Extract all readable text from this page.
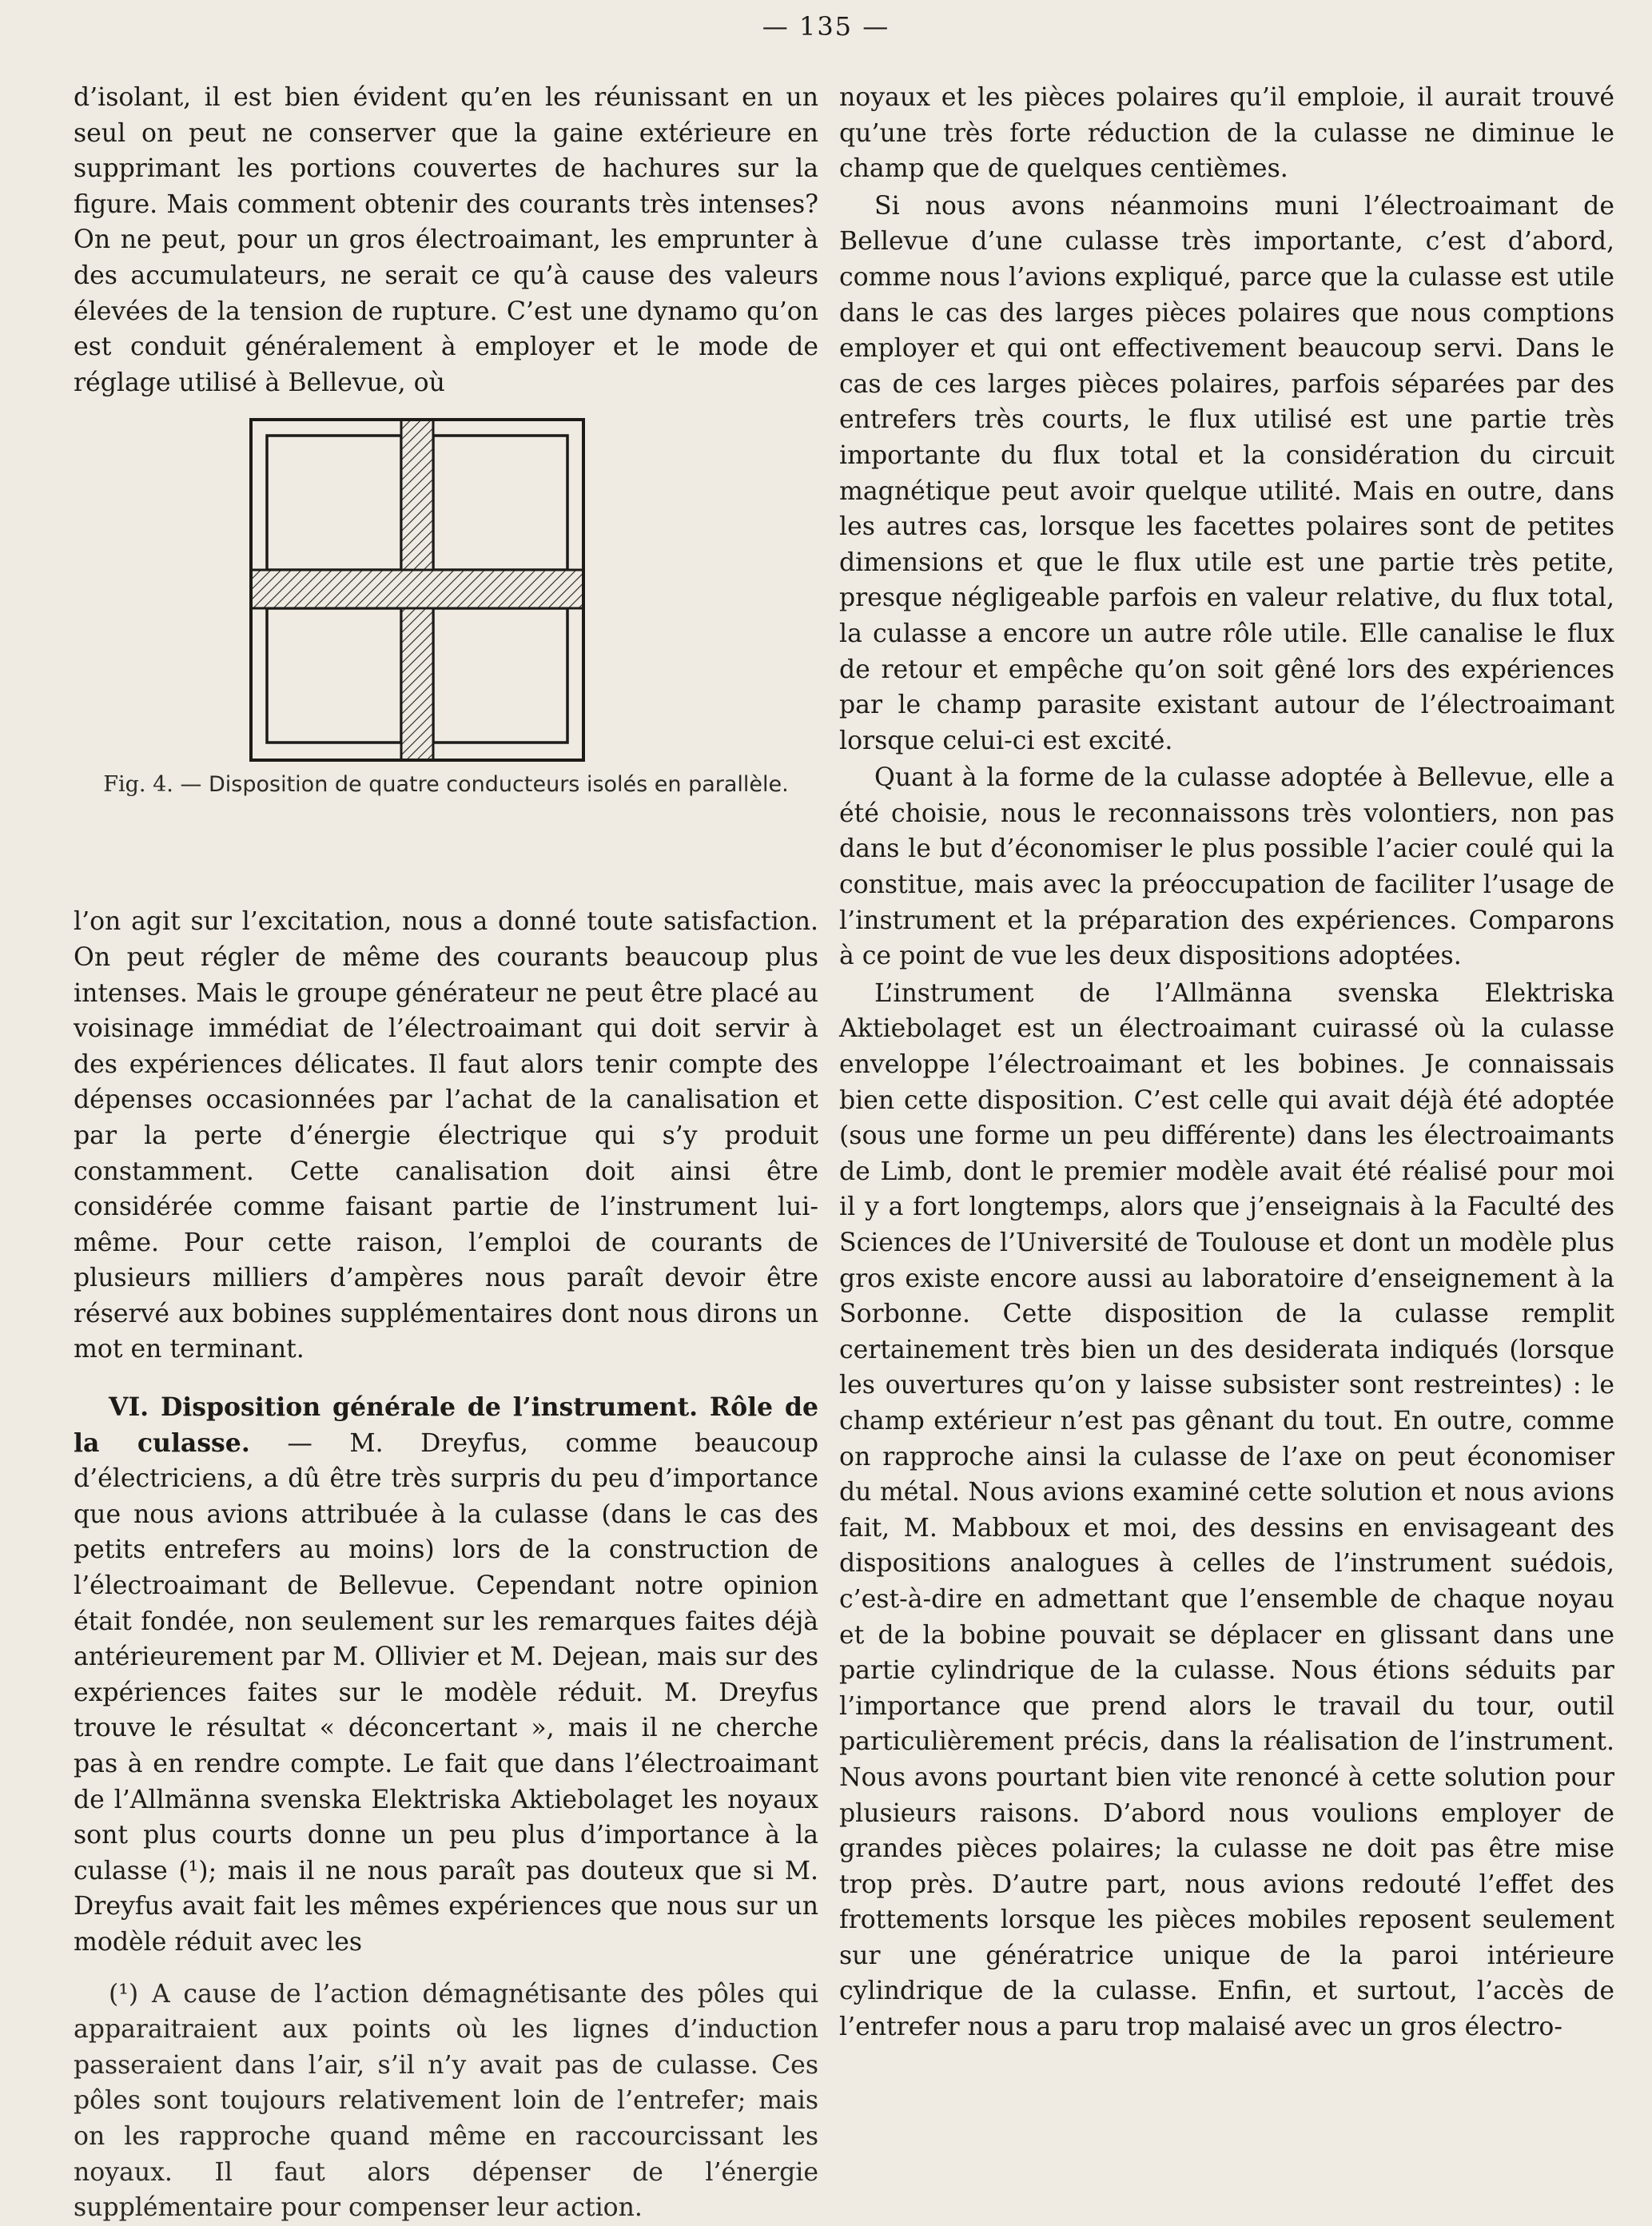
— 135 —

d’isolant, il est bien évident qu’en les réunissant en un seul on peut ne conserver que la gaine extérieure en supprimant les portions couvertes de hachures sur la figure. Mais comment obtenir des courants très intenses? On ne peut, pour un gros électroaimant, les emprunter à des accumulateurs, ne serait ce qu’à cause des valeurs élevées de la tension de rupture. C’est une dynamo qu’on est conduit généralement à employer et le mode de réglage utilisé à Bellevue, où

Fig. 4. — Disposition de quatre conducteurs isolés en parallèle.

l’on agit sur l’excitation, nous a donné toute satisfaction. On peut régler de même des courants beaucoup plus intenses. Mais le groupe générateur ne peut être placé au voisinage immédiat de l’électroaimant qui doit servir à des expériences délicates. Il faut alors tenir compte des dépenses occasionnées par l’achat de la canalisation et par la perte d’énergie électrique qui s’y produit constamment. Cette canalisation doit ainsi être considérée comme faisant partie de l’instrument lui-même. Pour cette raison, l’emploi de courants de plusieurs milliers d’ampères nous paraît devoir être réservé aux bobines supplémentaires dont nous dirons un mot en terminant.

VI. Disposition générale de l’instrument. Rôle de la culasse. — M. Dreyfus, comme beaucoup d’électriciens, a dû être très surpris du peu d’importance que nous avions attribuée à la culasse (dans le cas des petits entrefers au moins) lors de la construction de l’électroaimant de Bellevue. Cependant notre opinion était fondée, non seulement sur les remarques faites déjà antérieurement par M. Ollivier et M. Dejean, mais sur des expériences faites sur le modèle réduit. M. Dreyfus trouve le résultat « déconcertant », mais il ne cherche pas à en rendre compte. Le fait que dans l’électroaimant de l’Allmänna svenska Elektriska Aktiebolaget les noyaux sont plus courts donne un peu plus d’importance à la culasse (¹); mais il ne nous paraît pas douteux que si M. Dreyfus avait fait les mêmes expériences que nous sur un modèle réduit avec les

(¹) A cause de l’action démagnétisante des pôles qui apparaitraient aux points où les lignes d’induction passeraient dans l’air, s’il n’y avait pas de culasse. Ces pôles sont toujours relativement loin de l’entrefer; mais on les rapproche quand même en raccourcissant les noyaux. Il faut alors dépenser de l’énergie supplémentaire pour compenser leur action.

noyaux et les pièces polaires qu’il emploie, il aurait trouvé qu’une très forte réduction de la culasse ne diminue le champ que de quelques centièmes.

Si nous avons néanmoins muni l’électroaimant de Bellevue d’une culasse très importante, c’est d’abord, comme nous l’avions expliqué, parce que la culasse est utile dans le cas des larges pièces polaires que nous comptions employer et qui ont effectivement beaucoup servi. Dans le cas de ces larges pièces polaires, parfois séparées par des entrefers très courts, le flux utilisé est une partie très importante du flux total et la considération du circuit magnétique peut avoir quelque utilité. Mais en outre, dans les autres cas, lorsque les facettes polaires sont de petites dimensions et que le flux utile est une partie très petite, presque négligeable parfois en valeur relative, du flux total, la culasse a encore un autre rôle utile. Elle canalise le flux de retour et empêche qu’on soit gêné lors des expériences par le champ parasite existant autour de l’électroaimant lorsque celui-ci est excité.

Quant à la forme de la culasse adoptée à Bellevue, elle a été choisie, nous le reconnaissons très volontiers, non pas dans le but d’économiser le plus possible l’acier coulé qui la constitue, mais avec la préoccupation de faciliter l’usage de l’instrument et la préparation des expériences. Comparons à ce point de vue les deux dispositions adoptées.

L’instrument de l’Allmänna svenska Elektriska Aktiebolaget est un électroaimant cuirassé où la culasse enveloppe l’électroaimant et les bobines. Je connaissais bien cette disposition. C’est celle qui avait déjà été adoptée (sous une forme un peu différente) dans les électroaimants de Limb, dont le premier modèle avait été réalisé pour moi il y a fort longtemps, alors que j’enseignais à la Faculté des Sciences de l’Université de Toulouse et dont un modèle plus gros existe encore aussi au laboratoire d’enseignement à la Sorbonne. Cette disposition de la culasse remplit certainement très bien un des desiderata indiqués (lorsque les ouvertures qu’on y laisse subsister sont restreintes) : le champ extérieur n’est pas gênant du tout. En outre, comme on rapproche ainsi la culasse de l’axe on peut économiser du métal. Nous avions examiné cette solution et nous avions fait, M. Mabboux et moi, des dessins en envisageant des dispositions analogues à celles de l’instrument suédois, c’est-à-dire en admettant que l’ensemble de chaque noyau et de la bobine pouvait se déplacer en glissant dans une partie cylindrique de la culasse. Nous étions séduits par l’importance que prend alors le travail du tour, outil particulièrement précis, dans la réalisation de l’instrument. Nous avons pourtant bien vite renoncé à cette solution pour plusieurs raisons. D’abord nous voulions employer de grandes pièces polaires; la culasse ne doit pas être mise trop près. D’autre part, nous avions redouté l’effet des frottements lorsque les pièces mobiles reposent seulement sur une génératrice unique de la paroi intérieure cylindrique de la culasse. Enfin, et surtout, l’accès de l’entrefer nous a paru trop malaisé avec un gros électro-
